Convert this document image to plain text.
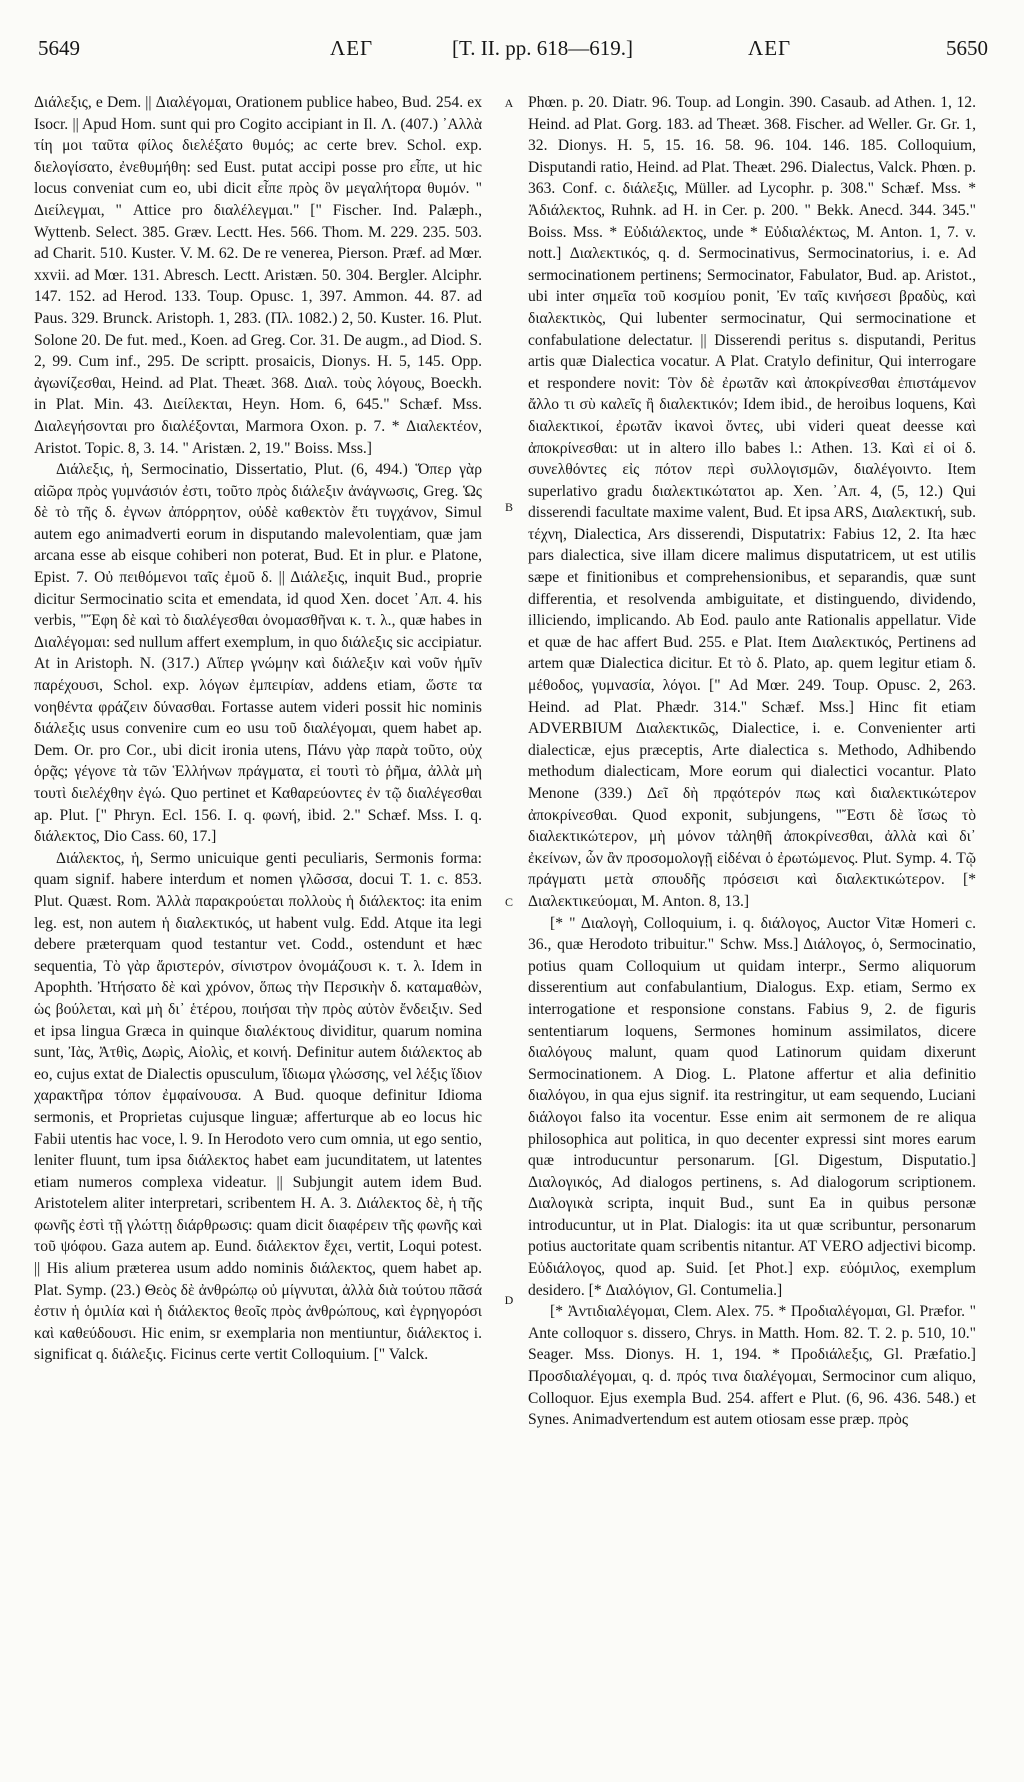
5649	ΛΕΓ	[T. II. pp. 618—619.]	ΛΕΓ	5650
A
B
C
D

Διάλεξις, e Dem. || Διαλέγομαι, Orationem publice habeo, Bud. 254. ex Isocr. || Apud Hom. sunt qui pro Cogito accipiant in Il. Λ. (407.) ᾽Αλλὰ τίη μοι ταῦτα φίλος διελέξατο θυμός; ac certe brev. Schol. exp. διελογίσατο, ἐνεθυμήθη: sed Eust. putat accipi posse pro εἶπε, ut hic locus conveniat cum eo, ubi dicit εἶπε πρὸς ὃν μεγαλήτορα θυμόν. " Διείλεγμαι, " Attice pro διαλέλεγμαι." [" Fischer. Ind. Palæph., Wyttenb. Select. 385. Græv. Lectt. Hes. 566. Thom. M. 229. 235. 503. ad Charit. 510. Kuster. V. M. 62. De re venerea, Pierson. Præf. ad Mœr. xxvii. ad Mœr. 131. Abresch. Lectt. Aristæn. 50. 304. Bergler. Alciphr. 147. 152. ad Herod. 133. Toup. Opusc. 1, 397. Ammon. 44. 87. ad Paus. 329. Brunck. Aristoph. 1, 283. (Πλ. 1082.) 2, 50. Kuster. 16. Plut. Solone 20. De fut. med., Koen. ad Greg. Cor. 31. De augm., ad Diod. S. 2, 99. Cum inf., 295. De scriptt. prosaicis, Dionys. H. 5, 145. Opp. ἀγωνίζεσθαι, Heind. ad Plat. Theæt. 368. Διαλ. τοὺς λόγους, Boeckh. in Plat. Min. 43. Διείλεκται, Heyn. Hom. 6, 645." Schæf. Mss. Διαλεγήσονται pro διαλέξονται, Marmora Oxon. p. 7. * Διαλεκτέον, Aristot. Topic. 8, 3. 14. " Aristæn. 2, 19." Boiss. Mss.]

Διάλεξις, ἡ, Sermocinatio, Dissertatio, Plut. (6, 494.) Ὅπερ γὰρ αἰῶρα πρὸς γυμνάσιόν ἐστι, τοῦτο πρὸς διάλεξιν ἀνάγνωσις, Greg. Ὡς δὲ τὸ τῆς δ. ἐγνων ἀπόρρητον, οὐδὲ καθεκτὸν ἔτι τυγχάνον, Simul autem ego animadverti eorum in disputando malevolentiam, quæ jam arcana esse ab eisque cohiberi non poterat, Bud. Et in plur. e Platone, Epist. 7. Οὐ πειθόμενοι ταῖς ἐμοῦ δ. || Διάλεξις, inquit Bud., proprie dicitur Sermocinatio scita et emendata, id quod Xen. docet ᾽Απ. 4. his verbis, "Ἔφη δὲ καὶ τὸ διαλέγεσθαι ὀνομασθῆναι κ. τ. λ., quæ habes in Διαλέγομαι: sed nullum affert exemplum, in quo διάλεξις sic accipiatur. At in Aristoph. N. (317.) Αἵπερ γνώμην καὶ διάλεξιν καὶ νοῦν ἡμῖν παρέχουσι, Schol. exp. λόγων ἐμπειρίαν, addens etiam, ὥστε τα νοηθέντα φράζειν δύνασθαι. Fortasse autem videri possit hic nominis διάλεξις usus convenire cum eo usu τοῦ διαλέγομαι, quem habet ap. Dem. Or. pro Cor., ubi dicit ironia utens, Πάνυ γὰρ παρὰ τοῦτο, οὐχ ὁρᾷς; γέγονε τὰ τῶν Ἑλλήνων πράγματα, εἰ τουτὶ τὸ ῥῆμα, ἀλλὰ μὴ τουτὶ διελέχθην ἐγώ. Quo pertinet et Καθαρεύοντες ἐν τῷ διαλέγεσθαι ap. Plut. [" Phryn. Ecl. 156. I. q. φωνή, ibid. 2." Schæf. Mss. I. q. διάλεκτος, Dio Cass. 60, 17.]

Διάλεκτος, ἡ, Sermo unicuique genti peculiaris, Sermonis forma: quam signif. habere interdum et nomen γλῶσσα, docui T. 1. c. 853. Plut. Quæst. Rom. Ἀλλὰ παρακρούεται πολλοὺς ἡ διάλεκτος: ita enim leg. est, non autem ἡ διαλεκτικός, ut habent vulg. Edd. Atque ita legi debere præterquam quod testantur vet. Codd., ostendunt et hæc sequentia, Τὸ γὰρ ἄριστερόν, σίνιστρον ὀνομάζουσι κ. τ. λ. Idem in Apophth. Ἠτήσατο δὲ καὶ χρόνον, ὅπως τὴν Περσικὴν δ. καταμαθὼν, ὡς βούλεται, καὶ μὴ δι᾽ ἑτέρου, ποιήσαι τὴν πρὸς αὐτὸν ἔνδειξιν. Sed et ipsa lingua Græca in quinque διαλέκτους dividitur, quarum nomina sunt, Ἰὰς, Ἀτθὶς, Δωρὶς, Αἰολὶς, et κοινή. Definitur autem διάλεκτος ab eo, cujus extat de Dialectis opusculum, ἴδιωμα γλώσσης, vel λέξις ἴδιον χαρακτῆρα τόπον ἐμφαίνουσα. A Bud. quoque definitur Idioma sermonis, et Proprietas cujusque linguæ; afferturque ab eo locus hic Fabii utentis hac voce, l. 9. In Herodoto vero cum omnia, ut ego sentio, leniter fluunt, tum ipsa διάλεκτος habet eam jucunditatem, ut latentes etiam numeros complexa videatur. || Subjungit autem idem Bud. Aristotelem aliter interpretari, scribentem H. A. 3. Διάλεκτος δὲ, ἡ τῆς φωνῆς ἐστὶ τῇ γλώττῃ διάρθρωσις: quam dicit διαφέρειν τῆς φωνῆς καὶ τοῦ ψόφου. Gaza autem ap. Eund. διάλεκτον ἔχει, vertit, Loqui potest. || His alium præterea usum addo nominis διάλεκτος, quem habet ap. Plat. Symp. (23.) Θεὸς δὲ ἀνθρώπῳ οὐ μίγνυται, ἀλλὰ διὰ τούτου πᾶσά ἐστιν ἡ ὁμιλία καὶ ἡ διάλεκτος θεοῖς πρὸς ἀνθρώπους, καὶ ἐγρηγορόσι καὶ καθεύδουσι. Hic enim, sr exemplaria non mentiuntur, διάλεκτος i. significat q. διάλεξις. Ficinus certe vertit Colloquium. [" Valck.

Phœn. p. 20. Diatr. 96. Toup. ad Longin. 390. Casaub. ad Athen. 1, 12. Heind. ad Plat. Gorg. 183. ad Theæt. 368. Fischer. ad Weller. Gr. Gr. 1, 32. Dionys. H. 5, 15. 16. 58. 96. 104. 146. 185. Colloquium, Disputandi ratio, Heind. ad Plat. Theæt. 296. Dialectus, Valck. Phœn. p. 363. Conf. c. διάλεξις, Müller. ad Lycophr. p. 308." Schæf. Mss. * Ἀδιάλεκτος, Ruhnk. ad H. in Cer. p. 200. " Bekk. Anecd. 344. 345." Boiss. Mss. * Εὐδιάλεκτος, unde * Εὐδιαλέκτως, M. Anton. 1, 7. v. nott.] Διαλεκτικός, q. d. Sermocinativus, Sermocinatorius, i. e. Ad sermocinationem pertinens; Sermocinator, Fabulator, Bud. ap. Aristot., ubi inter σημεῖα τοῦ κοσμίου ponit, Ἐν ταῖς κινήσεσι βραδὺς, καὶ διαλεκτικὸς, Qui lubenter sermocinatur, Qui sermocinatione et confabulatione delectatur. || Disserendi peritus s. disputandi, Peritus artis quæ Dialectica vocatur. A Plat. Cratylo definitur, Qui interrogare et respondere novit: Τὸν δὲ ἐρωτᾶν καὶ ἀποκρίνεσθαι ἐπιστάμενον ἄλλο τι σὺ καλεῖς ἢ διαλεκτικόν; Idem ibid., de heroibus loquens, Καὶ διαλεκτικοί, ἐρωτᾶν ἱκανοὶ ὄντες, ubi videri queat deesse καὶ ἀποκρίνεσθαι: ut in altero illo babes l.: Athen. 13. Καὶ εἰ οἱ δ. συνελθόντες εἰς πότον περὶ συλλογισμῶν, διαλέγοιντο. Item superlativo gradu διαλεκτικώτατοι ap. Xen. ᾽Απ. 4, (5, 12.) Qui disserendi facultate maxime valent, Bud. Et ipsa ARS, Διαλεκτική, sub. τέχνη, Dialectica, Ars disserendi, Disputatrix: Fabius 12, 2. Ita hæc pars dialectica, sive illam dicere malimus disputatricem, ut est utilis sæpe et finitionibus et comprehensionibus, et separandis, quæ sunt differentia, et resolvenda ambiguitate, et distinguendo, dividendo, illiciendo, implicando. Ab Eod. paulo ante Rationalis appellatur. Vide et quæ de hac affert Bud. 255. e Plat. Item Διαλεκτικός, Pertinens ad artem quæ Dialectica dicitur. Et τὸ δ. Plato, ap. quem legitur etiam δ. μέθοδος, γυμνασία, λόγοι. [" Ad Mœr. 249. Toup. Opusc. 2, 263. Heind. ad Plat. Phædr. 314." Schæf. Mss.] Hinc fit etiam ADVERBIUM Διαλεκτικῶς, Dialectice, i. e. Convenienter arti dialecticæ, ejus præceptis, Arte dialectica s. Methodo, Adhibendo methodum dialecticam, More eorum qui dialectici vocantur. Plato Menone (339.) Δεῖ δὴ πρᾳότερόν πως καὶ διαλεκτικώτερον ἀποκρίνεσθαι. Quod exponit, subjungens, "Ἔστι δὲ ἴσως τὸ διαλεκτικώτερον, μὴ μόνον τἀληθῆ ἀποκρίνεσθαι, ἀλλὰ καὶ δι᾽ ἐκείνων, ὧν ἂν προσομολογῇ εἰδέναι ὁ ἐρωτώμενος. Plut. Symp. 4. Τῷ πράγματι μετὰ σπουδῆς πρόσεισι καὶ διαλεκτικώτερον. [* Διαλεκτικεύομαι, M. Anton. 8, 13.]

[* " Διαλογὴ, Colloquium, i. q. διάλογος, Auctor Vitæ Homeri c. 36., quæ Herodoto tribuitur." Schw. Mss.] Διάλογος, ὁ, Sermocinatio, potius quam Colloquium ut quidam interpr., Sermo aliquorum disserentium aut confabulantium, Dialogus. Exp. etiam, Sermo ex interrogatione et responsione constans. Fabius 9, 2. de figuris sententiarum loquens, Sermones hominum assimilatos, dicere διαλόγους malunt, quam quod Latinorum quidam dixerunt Sermocinationem. A Diog. L. Platone affertur et alia definitio διαλόγου, in qua ejus signif. ita restringitur, ut eam sequendo, Luciani διάλογοι falso ita vocentur. Esse enim ait sermonem de re aliqua philosophica aut politica, in quo decenter expressi sint mores earum quæ introducuntur personarum. [Gl. Digestum, Disputatio.] Διαλογικός, Ad dialogos pertinens, s. Ad dialogorum scriptionem. Διαλογικὰ scripta, inquit Bud., sunt Ea in quibus personæ introducuntur, ut in Plat. Dialogis: ita ut quæ scribuntur, personarum potius auctoritate quam scribentis nitantur. AT VERO adjectivi bicomp. Εὐδιάλογος, quod ap. Suid. [et Phot.] exp. εὐόμιλος, exemplum desidero. [* Διαλόγιον, Gl. Contumelia.]

[* Ἀντιδιαλέγομαι, Clem. Alex. 75. * Προδιαλέγομαι, Gl. Præfor. " Ante colloquor s. dissero, Chrys. in Matth. Hom. 82. T. 2. p. 510, 10." Seager. Mss. Dionys. H. 1, 194. * Προδιάλεξις, Gl. Præfatio.] Προσδιαλέγομαι, q. d. πρός τινα διαλέγομαι, Sermocinor cum aliquo, Colloquor. Ejus exempla Bud. 254. affert e Plut. (6, 96. 436. 548.) et Synes. Animadvertendum est autem otiosam esse præp. πρὸς
